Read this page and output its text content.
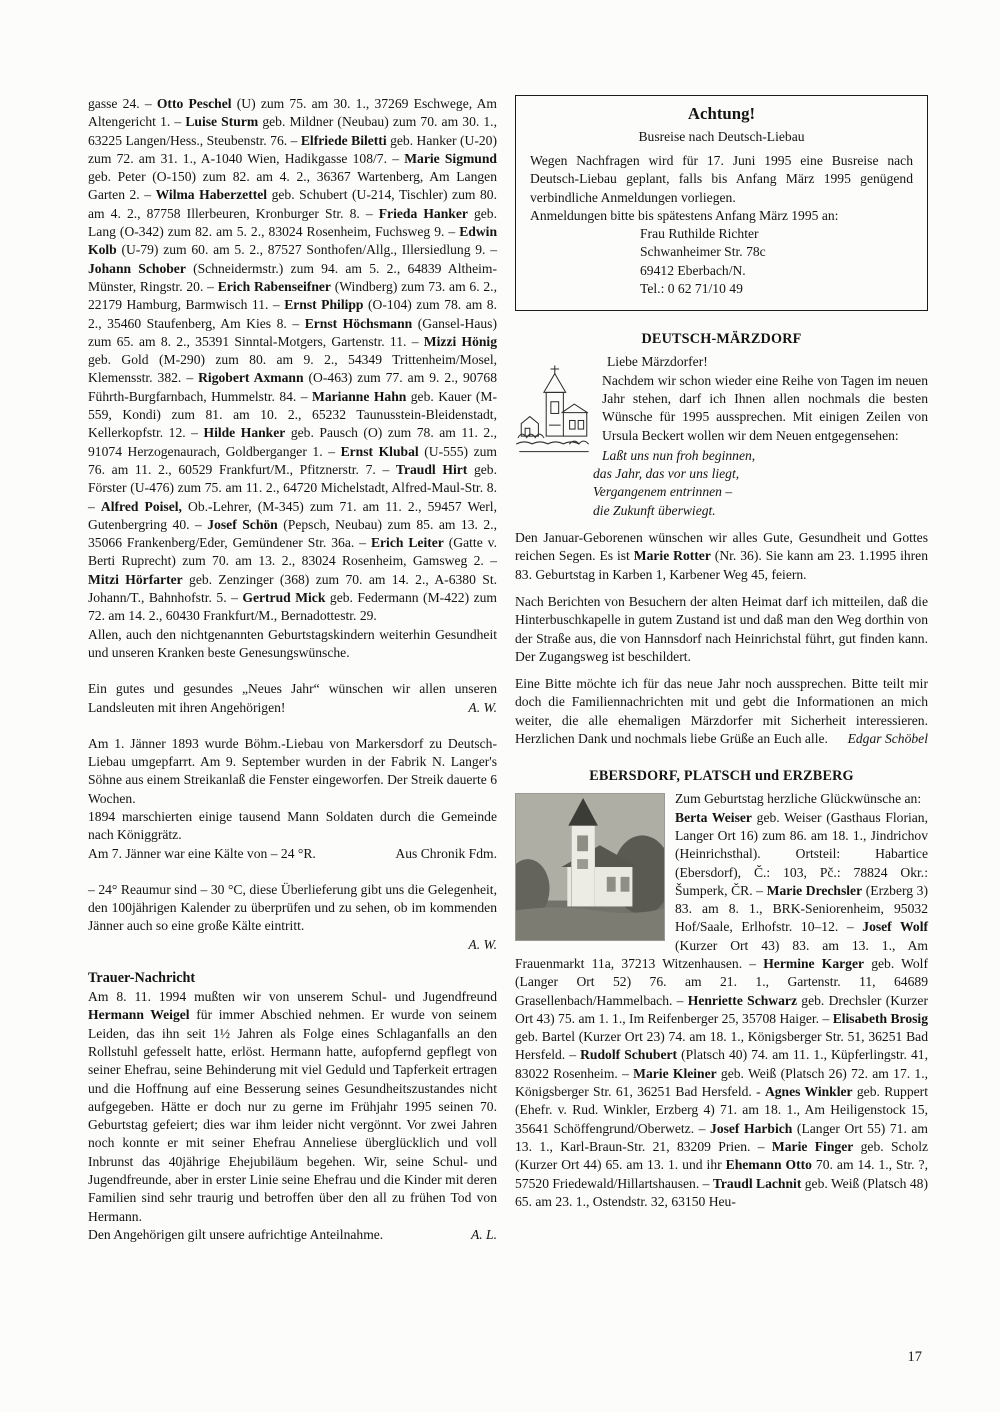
gasse 24. – Otto Peschel (U) zum 75. am 30. 1., 37269 Eschwege, Am Altengericht 1. – Luise Sturm geb. Mildner (Neubau) zum 70. am 30. 1., 63225 Langen/Hess., Steubenstr. 76. – Elfriede Biletti geb. Hanker (U-20) zum 72. am 31. 1., A-1040 Wien, Hadikgasse 108/7. – Marie Sigmund geb. Peter (O-150) zum 82. am 4. 2., 36367 Wartenberg, Am Langen Garten 2. – Wilma Haberzettel geb. Schubert (U-214, Tischler) zum 80. am 4. 2., 87758 Illerbeuren, Kronburger Str. 8. – Frieda Hanker geb. Lang (O-342) zum 82. am 5. 2., 83024 Rosenheim, Fuchsweg 9. – Edwin Kolb (U-79) zum 60. am 5. 2., 87527 Sonthofen/Allg., Illersiedlung 9. – Johann Schober (Schneidermstr.) zum 94. am 5. 2., 64839 Altheim-Münster, Ringstr. 20. – Erich Rabenseifner (Windberg) zum 73. am 6. 2., 22179 Hamburg, Barmwisch 11. – Ernst Philipp (O-104) zum 78. am 8. 2., 35460 Staufenberg, Am Kies 8. – Ernst Höchsmann (Gansel-Haus) zum 65. am 8. 2., 35391 Sinntal-Motgers, Gartenstr. 11. – Mizzi Hönig geb. Gold (M-290) zum 80. am 9. 2., 54349 Trittenheim/Mosel, Klemensstr. 382. – Rigobert Axmann (O-463) zum 77. am 9. 2., 90768 Führth-Burgfarnbach, Hummelstr. 84. – Marianne Hahn geb. Kauer (M-559, Kondi) zum 81. am 10. 2., 65232 Taunusstein-Bleidenstadt, Kellerkopfstr. 12. – Hilde Hanker geb. Pausch (O) zum 78. am 11. 2., 91074 Herzogenaurach, Goldberganger 1. – Ernst Klubal (U-555) zum 76. am 11. 2., 60529 Frankfurt/M., Pfitznerstr. 7. – Traudl Hirt geb. Förster (U-476) zum 75. am 11. 2., 64720 Michelstadt, Alfred-Maul-Str. 8. – Alfred Poisel, Ob.-Lehrer, (M-345) zum 71. am 11. 2., 59457 Werl, Gutenbergring 40. – Josef Schön (Pepsch, Neubau) zum 85. am 13. 2., 35066 Frankenberg/Eder, Gemündener Str. 36a. – Erich Leiter (Gatte v. Berti Ruprecht) zum 70. am 13. 2., 83024 Rosenheim, Gamsweg 2. – Mitzi Hörfarter geb. Zenzinger (368) zum 70. am 14. 2., A-6380 St. Johann/T., Bahnhofstr. 5. – Gertrud Mick geb. Federmann (M-422) zum 72. am 14. 2., 60430 Frankfurt/M., Bernadottestr. 29.

Allen, auch den nichtgenannten Geburtstagskindern weiterhin Gesundheit und unseren Kranken beste Genesungswünsche.

Ein gutes und gesundes „Neues Jahr“ wünschen wir allen unseren Landsleuten mit ihren Angehörigen!	A. W.

Am 1. Jänner 1893 wurde Böhm.-Liebau von Markersdorf zu Deutsch-Liebau umgepfarrt. Am 9. September wurden in der Fabrik N. Langer's Söhne aus einem Streikanlaß die Fenster eingeworfen. Der Streik dauerte 6 Wochen.

1894 marschierten einige tausend Mann Soldaten durch die Gemeinde nach Königgrätz.

Am 7. Jänner war eine Kälte von – 24 °R.	Aus Chronik Fdm.

– 24° Reaumur sind – 30 °C, diese Überlieferung gibt uns die Gelegenheit, den 100jährigen Kalender zu überprüfen und zu sehen, ob im kommenden Jänner auch so eine große Kälte eintritt.

A. W.
Trauer-Nachricht

Am 8. 11. 1994 mußten wir von unserem Schul- und Jugendfreund Hermann Weigel für immer Abschied nehmen. Er wurde von seinem Leiden, das ihn seit 1½ Jahren als Folge eines Schlaganfalls an den Rollstuhl gefesselt hatte, erlöst. Hermann hatte, aufopfernd gepflegt von seiner Ehefrau, seine Behinderung mit viel Geduld und Tapferkeit ertragen und die Hoffnung auf eine Besserung seines Gesundheitszustandes nicht aufgegeben. Hätte er doch nur zu gerne im Frühjahr 1995 seinen 70. Geburtstag gefeiert; dies war ihm leider nicht vergönnt. Vor zwei Jahren noch konnte er mit seiner Ehefrau Anneliese überglücklich und voll Inbrunst das 40jährige Ehejubiläum begehen. Wir, seine Schul- und Jugendfreunde, aber in erster Linie seine Ehefrau und die Kinder mit deren Familien sind sehr traurig und betroffen über den all zu frühen Tod von Hermann.

Den Angehörigen gilt unsere aufrichtige Anteilnahme.	A. L.

Achtung!
Busreise nach Deutsch-Liebau

Wegen Nachfragen wird für 17. Juni 1995 eine Busreise nach Deutsch-Liebau geplant, falls bis Anfang März 1995 genügend verbindliche Anmeldungen vorliegen.

Anmeldungen bitte bis spätestens Anfang März 1995 an:

Frau Ruthilde Richter
Schwanheimer Str. 78c
69412 Eberbach/N.
Tel.: 0 62 71/10 49
DEUTSCH-MÄRZDORF

Liebe Märzdorfer!

Nachdem wir schon wieder eine Reihe von Tagen im neuen Jahr stehen, darf ich Ihnen allen nochmals die besten Wünsche für 1995 aussprechen. Mit einigen Zeilen von Ursula Beckert wollen wir dem Neuen entgegensehen:

Laßt uns nun froh beginnen,
das Jahr, das vor uns liegt,
Vergangenem entrinnen –
die Zukunft überwiegt.

Den Januar-Geborenen wünschen wir alles Gute, Gesundheit und Gottes reichen Segen. Es ist Marie Rotter (Nr. 36). Sie kann am 23. 1.1995 ihren 83. Geburtstag in Karben 1, Karbener Weg 45, feiern.

Nach Berichten von Besuchern der alten Heimat darf ich mitteilen, daß die Hinterbuschkapelle in gutem Zustand ist und daß man den Weg dorthin von der Straße aus, die von Hannsdorf nach Heinrichstal führt, gut finden kann. Der Zugangsweg ist beschildert.

Eine Bitte möchte ich für das neue Jahr noch aussprechen. Bitte teilt mir doch die Familiennachrichten mit und gebt die Informationen an mich weiter, die alle ehemaligen Märzdorfer mit Sicherheit interessieren. Herzlichen Dank und nochmals liebe Grüße an Euch alle.	Edgar Schöbel

EBERSDORF, PLATSCH und ERZBERG

Zum Geburtstag herzliche Glückwünsche an:

Berta Weiser geb. Weiser (Gasthaus Florian, Langer Ort 16) zum 86. am 18. 1., Jindrichov (Heinrichsthal). Ortsteil: Habartice (Ebersdorf), Č.: 103, Pč.: 78824 Okr.: Šumperk, ČR. – Marie Drechsler (Erzberg 3) 83. am 8. 1., BRK-Seniorenheim, 95032 Hof/Saale, Erlhofstr. 10–12. – Josef Wolf (Kurzer Ort 43) 83. am 13. 1., Am Frauenmarkt 11a, 37213 Witzenhausen. – Hermine Karger geb. Wolf (Langer Ort 52) 76. am 21. 1., Gartenstr. 11, 64689 Grasellenbach/Hammelbach. – Henriette Schwarz geb. Drechsler (Kurzer Ort 43) 75. am 1. 1., Im Reifenberger 25, 35708 Haiger. – Elisabeth Brosig geb. Bartel (Kurzer Ort 23) 74. am 18. 1., Königsberger Str. 51, 36251 Bad Hersfeld. – Rudolf Schubert (Platsch 40) 74. am 11. 1., Küpferlingstr. 41, 83022 Rosenheim. – Marie Kleiner geb. Weiß (Platsch 26) 72. am 17. 1., Königsberger Str. 61, 36251 Bad Hersfeld. - Agnes Winkler geb. Ruppert (Ehefr. v. Rud. Winkler, Erzberg 4) 71. am 18. 1., Am Heiligenstock 15, 35641 Schöffengrund/Oberwetz. – Josef Harbich (Langer Ort 55) 71. am 13. 1., Karl-Braun-Str. 21, 83209 Prien. – Marie Finger geb. Scholz (Kurzer Ort 44) 65. am 13. 1. und ihr Ehemann Otto 70. am 14. 1., Str. ?, 57520 Friedewald/Hillartshausen. – Traudl Lachnit geb. Weiß (Platsch 48) 65. am 23. 1., Ostendstr. 32, 63150 Heu-

17
